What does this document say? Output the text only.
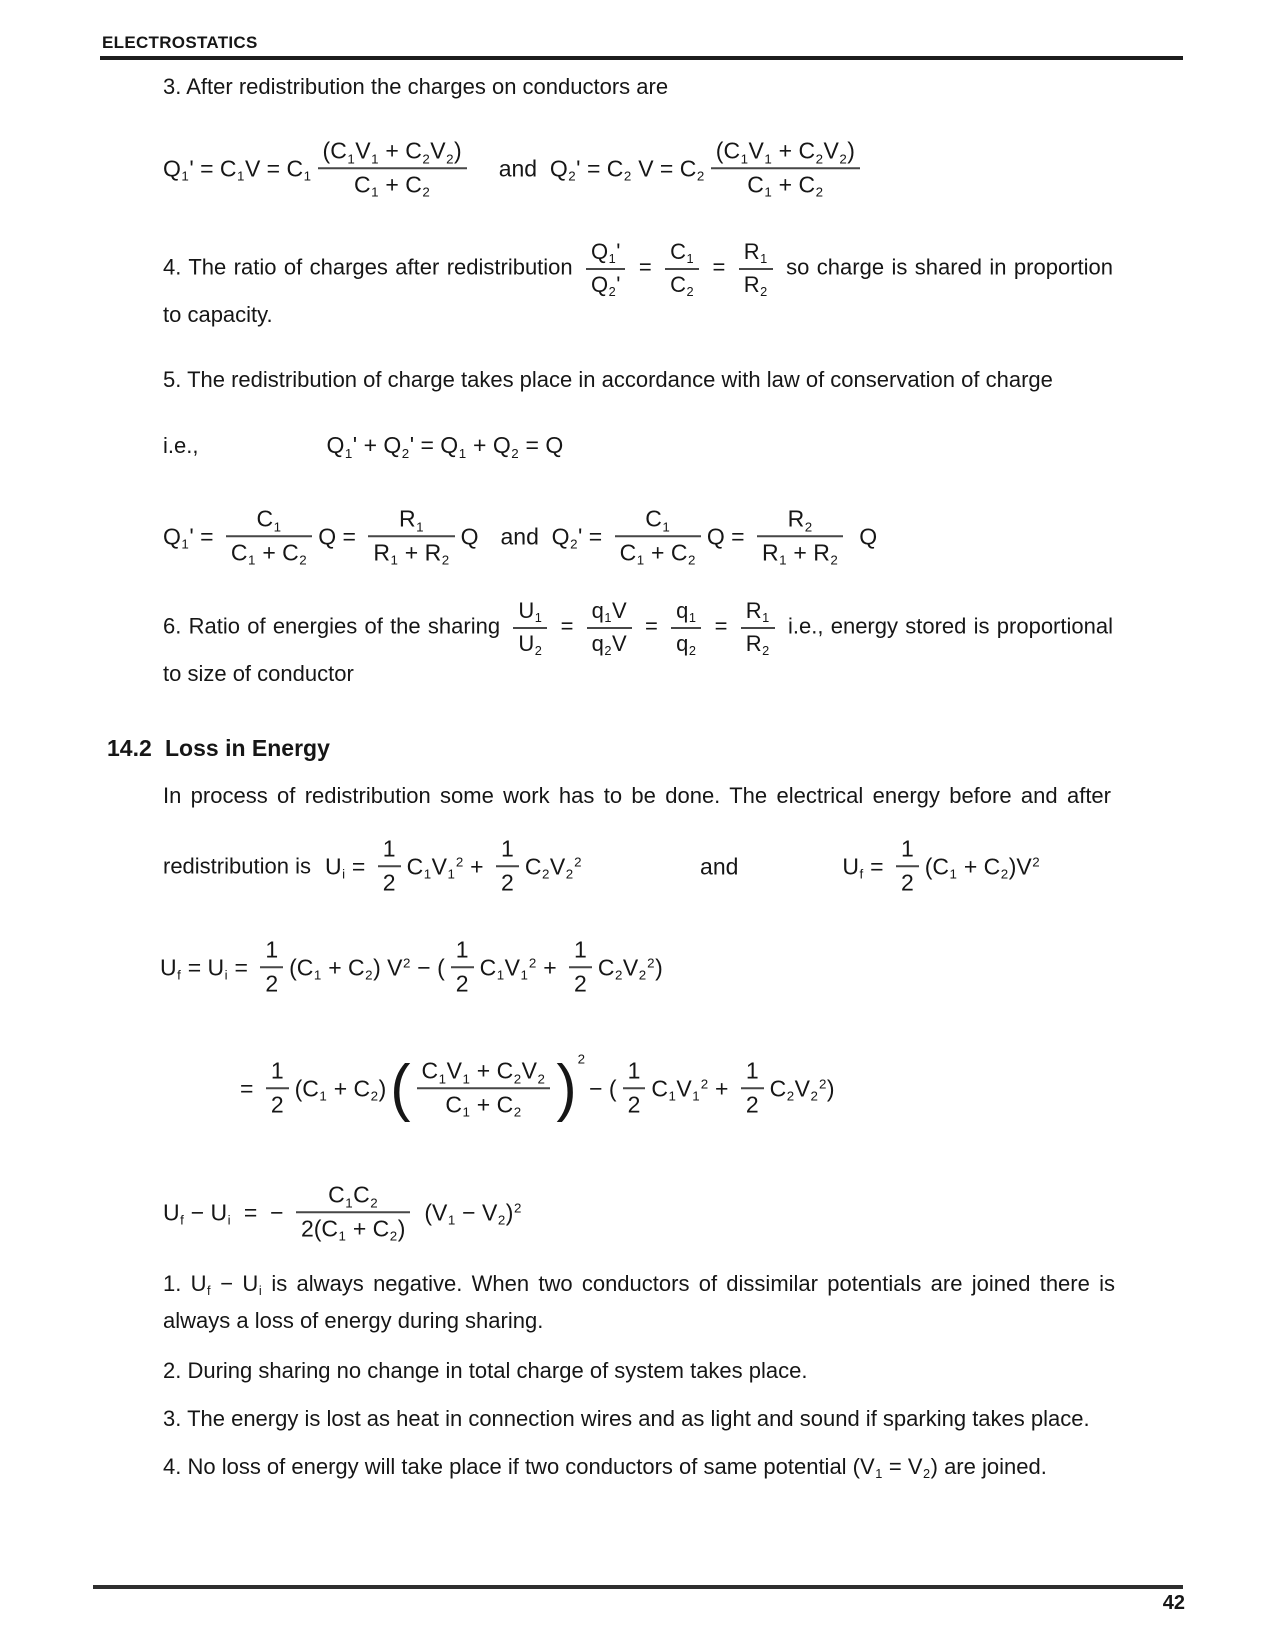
ELECTROSTATICS
3. After redistribution the charges on conductors are
$Q1' = C1V = C1 \frac{(C1V1 + C2V2)}{C1 + C2}$ and  Q2' = C2 $V = C2 \frac{(C1V1 + C2V2)}{C1 + C2}$
4. The ratio of charges after redistribution $\frac{Q1'}{Q2'} = \frac{C1}{C2} = \frac{R1}{R2}$ so charge is shared in proportion to capacity.
5. The redistribution of charge takes place in accordance with law of conservation of charge
i.e.,	Q1' + Q2' = Q1 + Q2 = Q
$Q1' = \frac{C1}{C1 + C2}$ $Q = \frac{R1}{R1 + R2}$ Q and  $Q2' = \frac{C1}{C1 + C2}$ $Q = \frac{R2}{R1 + R2}$ Q
6. Ratio of energies of the sharing $\frac{U1}{U2} = \frac{q1V}{q2V} = \frac{q1}{q2} = \frac{R1}{R2} i.e$., energy stored is proportional to size of conductor
14.2 Loss in Energy
In process of redistribution some work has to be done. The electrical energy before and after
redistribution is $Ui = \frac{1}{2} C1V1^2 + \frac{1}{2} C2V2^2$	and	$Uf = \frac{1}{2} (C1 + C2)V^2$
$Uf = Ui = \frac{1}{2} (C1 + C2) V^2$ − ( $\frac{1}{2} C1V1^2 + \frac{1}{2} C2V2^2$)
= $\frac{1}{2} (C1 + C2)$ ( $\frac{C1V1 + C2V2}{C1 + C2}$ ) 2
− ( $\frac{1}{2} C1V1^2 + \frac{1}{2} C2V2^2$)
Uf − Ui  =  − $\frac{C1C2}{2(C1 + C2)} (V1 - V2)^2$
1. Uf − Ui is always negative. When two conductors of dissimilar potentials are joined there is always a loss of energy during sharing.
2. During sharing no change in total charge of system takes place.
3. The energy is lost as heat in connection wires and as light and sound if sparking takes place.
4. No loss of energy will take place if two conductors of same potential (V1 = V2) are joined.
42
